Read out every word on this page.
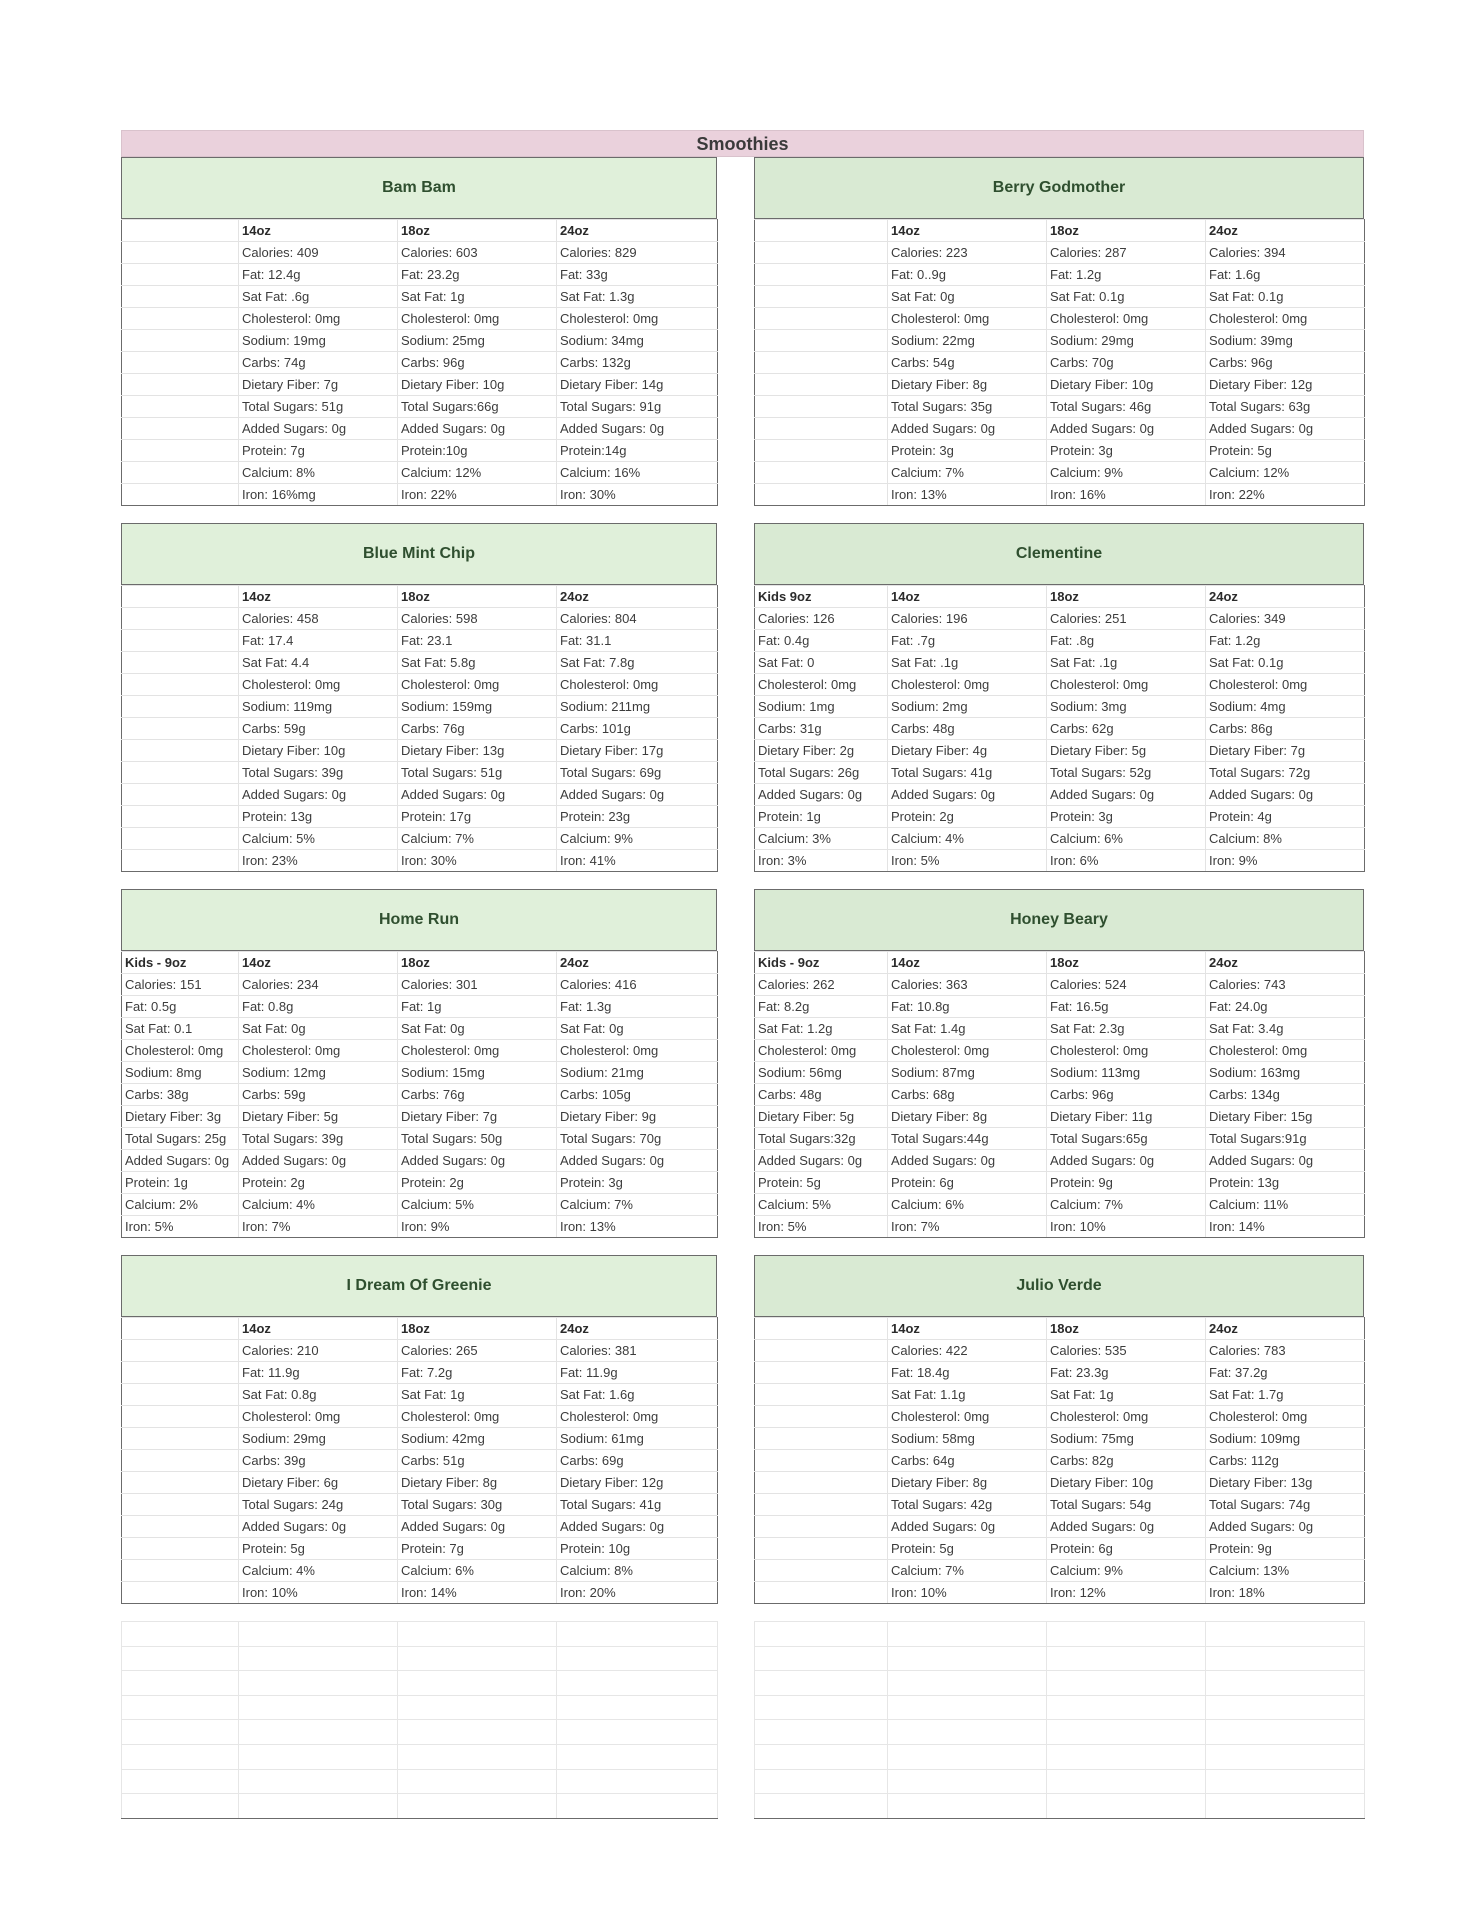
Smoothies
Bam Bam
	14oz	18oz	24oz
	Calories: 409	Calories: 603	Calories: 829
	Fat: 12.4g	Fat: 23.2g	Fat: 33g
	Sat Fat: .6g	Sat Fat: 1g	Sat Fat: 1.3g
	Cholesterol: 0mg	Cholesterol: 0mg	Cholesterol: 0mg
	Sodium: 19mg	Sodium: 25mg	Sodium: 34mg
	Carbs: 74g	Carbs: 96g	Carbs: 132g
	Dietary Fiber: 7g	Dietary Fiber: 10g	Dietary Fiber: 14g
	Total Sugars: 51g	Total Sugars:66g	Total Sugars: 91g
	Added Sugars: 0g	Added Sugars: 0g	Added Sugars: 0g
	Protein: 7g	Protein:10g	Protein:14g
	Calcium: 8%	Calcium: 12%	Calcium: 16%
	Iron: 16%mg	Iron: 22%	Iron: 30%
Berry Godmother
	14oz	18oz	24oz
	Calories: 223	Calories: 287	Calories: 394
	Fat: 0..9g	Fat: 1.2g	Fat: 1.6g
	Sat Fat: 0g	Sat Fat: 0.1g	Sat Fat: 0.1g
	Cholesterol: 0mg	Cholesterol: 0mg	Cholesterol: 0mg
	Sodium: 22mg	Sodium: 29mg	Sodium: 39mg
	Carbs: 54g	Carbs: 70g	Carbs: 96g
	Dietary Fiber: 8g	Dietary Fiber: 10g	Dietary Fiber: 12g
	Total Sugars: 35g	Total Sugars: 46g	Total Sugars: 63g
	Added Sugars: 0g	Added Sugars: 0g	Added Sugars: 0g
	Protein: 3g	Protein: 3g	Protein: 5g
	Calcium: 7%	Calcium: 9%	Calcium: 12%
	Iron: 13%	Iron: 16%	Iron: 22%
Blue Mint Chip
	14oz	18oz	24oz
	Calories: 458	Calories: 598	Calories: 804
	Fat: 17.4	Fat: 23.1	Fat: 31.1
	Sat Fat: 4.4	Sat Fat: 5.8g	Sat Fat: 7.8g
	Cholesterol: 0mg	Cholesterol: 0mg	Cholesterol: 0mg
	Sodium: 119mg	Sodium: 159mg	Sodium: 211mg
	Carbs: 59g	Carbs: 76g	Carbs: 101g
	Dietary Fiber: 10g	Dietary Fiber: 13g	Dietary Fiber: 17g
	Total Sugars: 39g	Total Sugars: 51g	Total Sugars: 69g
	Added Sugars: 0g	Added Sugars: 0g	Added Sugars: 0g
	Protein: 13g	Protein: 17g	Protein: 23g
	Calcium: 5%	Calcium: 7%	Calcium: 9%
	Iron: 23%	Iron: 30%	Iron: 41%
Clementine
Kids 9oz	14oz	18oz	24oz
Calories: 126	Calories: 196	Calories: 251	Calories: 349
Fat: 0.4g	Fat: .7g	Fat: .8g	Fat: 1.2g
Sat Fat: 0	Sat Fat: .1g	Sat Fat: .1g	Sat Fat: 0.1g
Cholesterol: 0mg	Cholesterol: 0mg	Cholesterol: 0mg	Cholesterol: 0mg
Sodium: 1mg	Sodium: 2mg	Sodium: 3mg	Sodium: 4mg
Carbs: 31g	Carbs: 48g	Carbs: 62g	Carbs: 86g
Dietary Fiber: 2g	Dietary Fiber: 4g	Dietary Fiber: 5g	Dietary Fiber: 7g
Total Sugars: 26g	Total Sugars: 41g	Total Sugars: 52g	Total Sugars: 72g
Added Sugars: 0g	Added Sugars: 0g	Added Sugars: 0g	Added Sugars: 0g
Protein: 1g	Protein: 2g	Protein: 3g	Protein: 4g
Calcium: 3%	Calcium: 4%	Calcium: 6%	Calcium: 8%
Iron: 3%	Iron: 5%	Iron: 6%	Iron: 9%
Home Run
Kids - 9oz	14oz	18oz	24oz
Calories: 151	Calories: 234	Calories: 301	Calories: 416
Fat: 0.5g	Fat: 0.8g	Fat: 1g	Fat: 1.3g
Sat Fat: 0.1	Sat Fat: 0g	Sat Fat: 0g	Sat Fat: 0g
Cholesterol: 0mg	Cholesterol: 0mg	Cholesterol: 0mg	Cholesterol: 0mg
Sodium: 8mg	Sodium: 12mg	Sodium: 15mg	Sodium: 21mg
Carbs: 38g	Carbs: 59g	Carbs: 76g	Carbs: 105g
Dietary Fiber: 3g	Dietary Fiber: 5g	Dietary Fiber: 7g	Dietary Fiber: 9g
Total Sugars: 25g	Total Sugars: 39g	Total Sugars: 50g	Total Sugars: 70g
Added Sugars: 0g	Added Sugars: 0g	Added Sugars: 0g	Added Sugars: 0g
Protein: 1g	Protein: 2g	Protein: 2g	Protein: 3g
Calcium: 2%	Calcium: 4%	Calcium: 5%	Calcium: 7%
Iron: 5%	Iron: 7%	Iron: 9%	Iron: 13%
Honey Beary
Kids - 9oz	14oz	18oz	24oz
Calories: 262	Calories: 363	Calories: 524	Calories: 743
Fat: 8.2g	Fat: 10.8g	Fat: 16.5g	Fat: 24.0g
Sat Fat: 1.2g	Sat Fat: 1.4g	Sat Fat: 2.3g	Sat Fat: 3.4g
Cholesterol: 0mg	Cholesterol: 0mg	Cholesterol: 0mg	Cholesterol: 0mg
Sodium: 56mg	Sodium: 87mg	Sodium: 113mg	Sodium: 163mg
Carbs: 48g	Carbs: 68g	Carbs: 96g	Carbs: 134g
Dietary Fiber: 5g	Dietary Fiber: 8g	Dietary Fiber: 11g	Dietary Fiber: 15g
Total Sugars:32g	Total Sugars:44g	Total Sugars:65g	Total Sugars:91g
Added Sugars: 0g	Added Sugars: 0g	Added Sugars: 0g	Added Sugars: 0g
Protein: 5g	Protein: 6g	Protein: 9g	Protein: 13g
Calcium: 5%	Calcium: 6%	Calcium: 7%	Calcium: 11%
Iron: 5%	Iron: 7%	Iron: 10%	Iron: 14%
I Dream Of Greenie
	14oz	18oz	24oz
	Calories: 210	Calories: 265	Calories: 381
	Fat: 11.9g	Fat: 7.2g	Fat: 11.9g
	Sat Fat: 0.8g	Sat Fat: 1g	Sat Fat: 1.6g
	Cholesterol: 0mg	Cholesterol: 0mg	Cholesterol: 0mg
	Sodium: 29mg	Sodium: 42mg	Sodium: 61mg
	Carbs: 39g	Carbs: 51g	Carbs: 69g
	Dietary Fiber: 6g	Dietary Fiber: 8g	Dietary Fiber: 12g
	Total Sugars: 24g	Total Sugars: 30g	Total Sugars: 41g
	Added Sugars: 0g	Added Sugars: 0g	Added Sugars: 0g
	Protein: 5g	Protein: 7g	Protein: 10g
	Calcium: 4%	Calcium: 6%	Calcium: 8%
	Iron: 10%	Iron: 14%	Iron: 20%
Julio Verde
	14oz	18oz	24oz
	Calories: 422	Calories: 535	Calories: 783
	Fat: 18.4g	Fat: 23.3g	Fat: 37.2g
	Sat Fat: 1.1g	Sat Fat: 1g	Sat Fat: 1.7g
	Cholesterol: 0mg	Cholesterol: 0mg	Cholesterol: 0mg
	Sodium: 58mg	Sodium: 75mg	Sodium: 109mg
	Carbs: 64g	Carbs: 82g	Carbs: 112g
	Dietary Fiber: 8g	Dietary Fiber: 10g	Dietary Fiber: 13g
	Total Sugars: 42g	Total Sugars: 54g	Total Sugars: 74g
	Added Sugars: 0g	Added Sugars: 0g	Added Sugars: 0g
	Protein: 5g	Protein: 6g	Protein: 9g
	Calcium: 7%	Calcium: 9%	Calcium: 13%
	Iron: 10%	Iron: 12%	Iron: 18%
